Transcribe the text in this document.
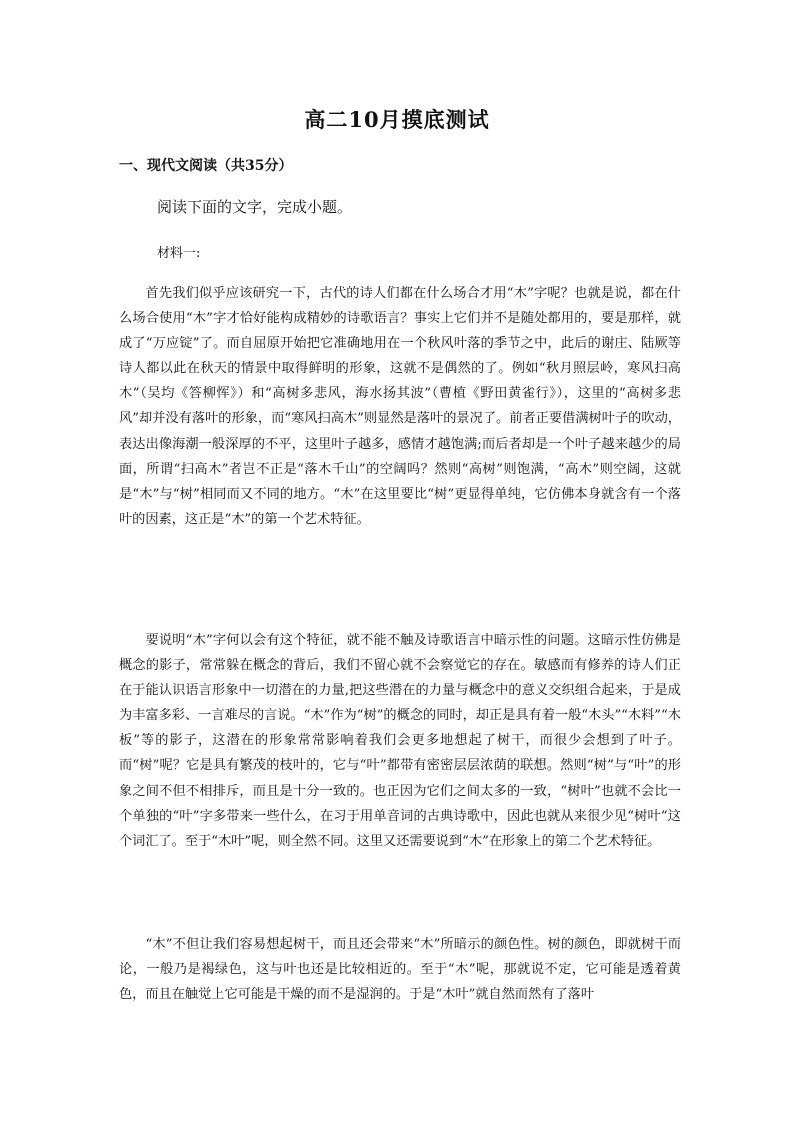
高二10月摸底测试
一、现代文阅读（共35分）
阅读下面的文字，完成小题。
材料一:

首先我们似乎应该研究一下，古代的诗人们都在什么场合才用“木”字呢？也就是说，都在什么场合使用“木”字才恰好能构成精妙的诗歌语言？事实上它们并不是随处都用的，要是那样，就成了“万应锭”了。而自屈原开始把它准确地用在一个秋风叶落的季节之中，此后的谢庄、陆厥等诗人都以此在秋天的情景中取得鲜明的形象，这就不是偶然的了。例如“秋月照层岭，寒风扫高木”（吴均《答柳恽》）和“高树多悲风，海水扬其波”（曹植《野田黄雀行》），这里的“高树多悲风”却并没有落叶的形象，而“寒风扫高木”则显然是落叶的景况了。前者正要借满树叶子的吹动，表达出像海潮一般深厚的不平，这里叶子越多，感情才越饱满;而后者却是一个叶子越来越少的局面，所谓“扫高木”者岂不正是“落木千山”的空阔吗？然则“高树”则饱满，“高木”则空阔，这就是“木”与“树”相同而又不同的地方。“木”在这里要比“树”更显得单纯，它仿佛本身就含有一个落叶的因素，这正是“木”的第一个艺术特征。

要说明“木”字何以会有这个特征，就不能不触及诗歌语言中暗示性的问题。这暗示性仿佛是概念的影子，常常躲在概念的背后，我们不留心就不会察觉它的存在。敏感而有修养的诗人们正在于能认识语言形象中一切潜在的力量,把这些潜在的力量与概念中的意义交织组合起来，于是成为丰富多彩、一言难尽的言说。“木”作为“树”的概念的同时，却正是具有着一般“木头”“木料”“木板”等的影子，这潜在的形象常常影响着我们会更多地想起了树干，而很少会想到了叶子。而“树”呢？它是具有繁茂的枝叶的，它与“叶”都带有密密层层浓荫的联想。然则“树”与“叶”的形象之间不但不相排斥，而且是十分一致的。也正因为它们之间太多的一致，“树叶”也就不会比一个单独的“叶”字多带来一些什么，在习于用单音词的古典诗歌中，因此也就从来很少见“树叶”这个词汇了。至于“木叶”呢，则全然不同。这里又还需要说到“木”在形象上的第二个艺术特征。

“木”不但让我们容易想起树干，而且还会带来“木”所暗示的颜色性。树的颜色，即就树干而论，一般乃是褐绿色，这与叶也还是比较相近的。至于“木”呢，那就说不定，它可能是透着黄色，而且在触觉上它可能是干燥的而不是湿润的。于是“木叶”就自然而然有了落叶
